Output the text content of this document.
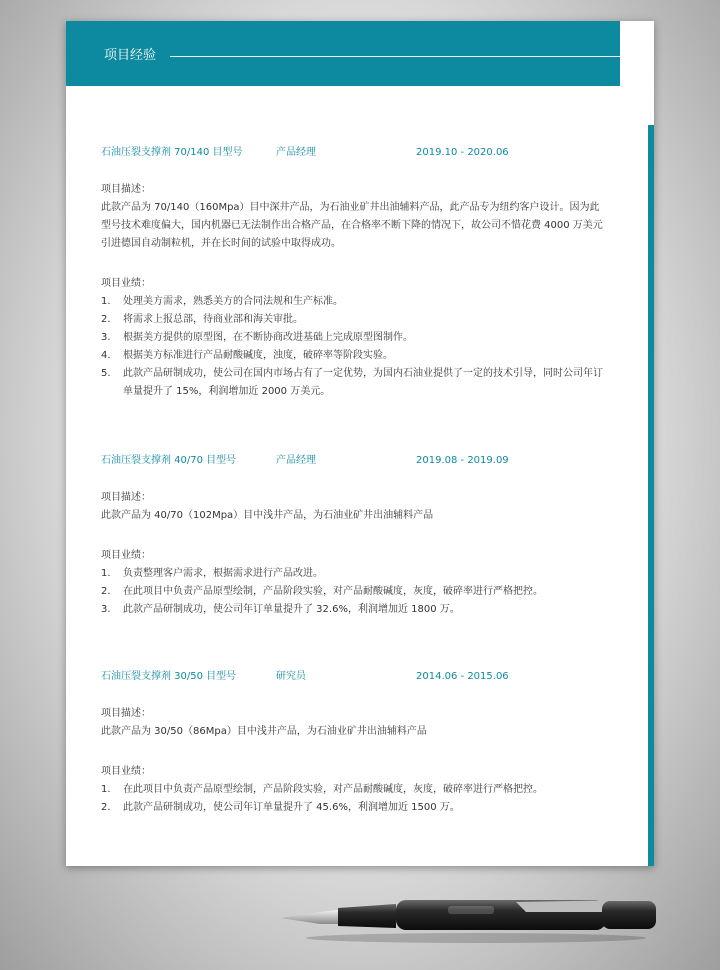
项目经验
石油压裂支撑剂 70/140 目型号	产品经理	2019.10 - 2020.06
项目描述：
此款产品为 70/140（160Mpa）目中深井产品，为石油业矿井出油辅料产品，此产品专为纽约客户设计。因为此
型号技术难度偏大，国内机器已无法制作出合格产品，在合格率不断下降的情况下，故公司不惜花费 4000 万美元
引进德国自动制粒机，并在长时间的试验中取得成功。
项目业绩：
1. 处理美方需求，熟悉美方的合同法规和生产标准。
2. 将需求上报总部，待商业部和海关审批。
3. 根据美方提供的原型图，在不断协商改进基础上完成原型图制作。
4. 根据美方标准进行产品耐酸碱度，浊度，破碎率等阶段实验。
5. 此款产品研制成功，使公司在国内市场占有了一定优势，为国内石油业提供了一定的技术引导，同时公司年订
单量提升了 15%，利润增加近 2000 万美元。
石油压裂支撑剂 40/70 目型号	产品经理	2019.08 - 2019.09
项目描述：
此款产品为 40/70（102Mpa）目中浅井产品，为石油业矿井出油辅料产品
项目业绩：
1. 负责整理客户需求，根据需求进行产品改进。
2. 在此项目中负责产品原型绘制，产品阶段实验，对产品耐酸碱度，灰度，破碎率进行严格把控。
3. 此款产品研制成功，使公司年订单量提升了 32.6%，利润增加近 1800 万。
石油压裂支撑剂 30/50 目型号	研究员	2014.06 - 2015.06
项目描述：
此款产品为 30/50（86Mpa）目中浅井产品，为石油业矿井出油辅料产品
项目业绩：
1. 在此项目中负责产品原型绘制，产品阶段实验，对产品耐酸碱度，灰度，破碎率进行严格把控。
2. 此款产品研制成功，使公司年订单量提升了 45.6%，利润增加近 1500 万。
